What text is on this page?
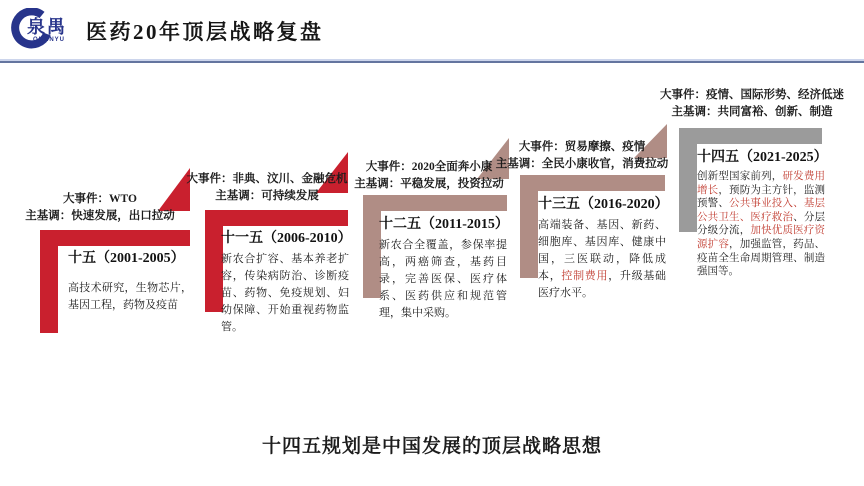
泉禺
QUANYU 医药20年顶层战略复盘
大事件：WTO
主基调：快速发展，出口拉动
十五（2001-2005）

高技术研究，生物芯片，基因工程，药物及疫苗

大事件：非典、汶川、金融危机
主基调：可持续发展
十一五（2006-2010）

新农合扩容、基本养老扩容，传染病防治、诊断疫苗、药物、免疫规划、妇幼保障、开始重视药物监管。

大事件：2020全面奔小康
主基调：平稳发展，投资拉动
十二五（2011-2015）

新农合全覆盖，参保率提高，两癌筛查，基药目录，完善医保、医疗体系、医药供应和规范管理，集中采购。

大事件：贸易摩擦、疫情
主基调：全民小康收官，消费拉动
十三五（2016-2020）

高端装备、基因、新药、细胞库、基因库、健康中国，三医联动，降低成本，控制费用，升级基础医疗水平。

大事件：疫情、国际形势、经济低迷
主基调：共同富裕、创新、制造
十四五（2021-2025）

创新型国家前列，研发费用增长，预防为主方针，监测预警、公共事业投入、基层公共卫生、医疗救治、分层分级分流，加快优质医疗资源扩容，加强监管，药品、疫苗全生命周期管理、制造强国等。

十四五规划是中国发展的顶层战略思想
